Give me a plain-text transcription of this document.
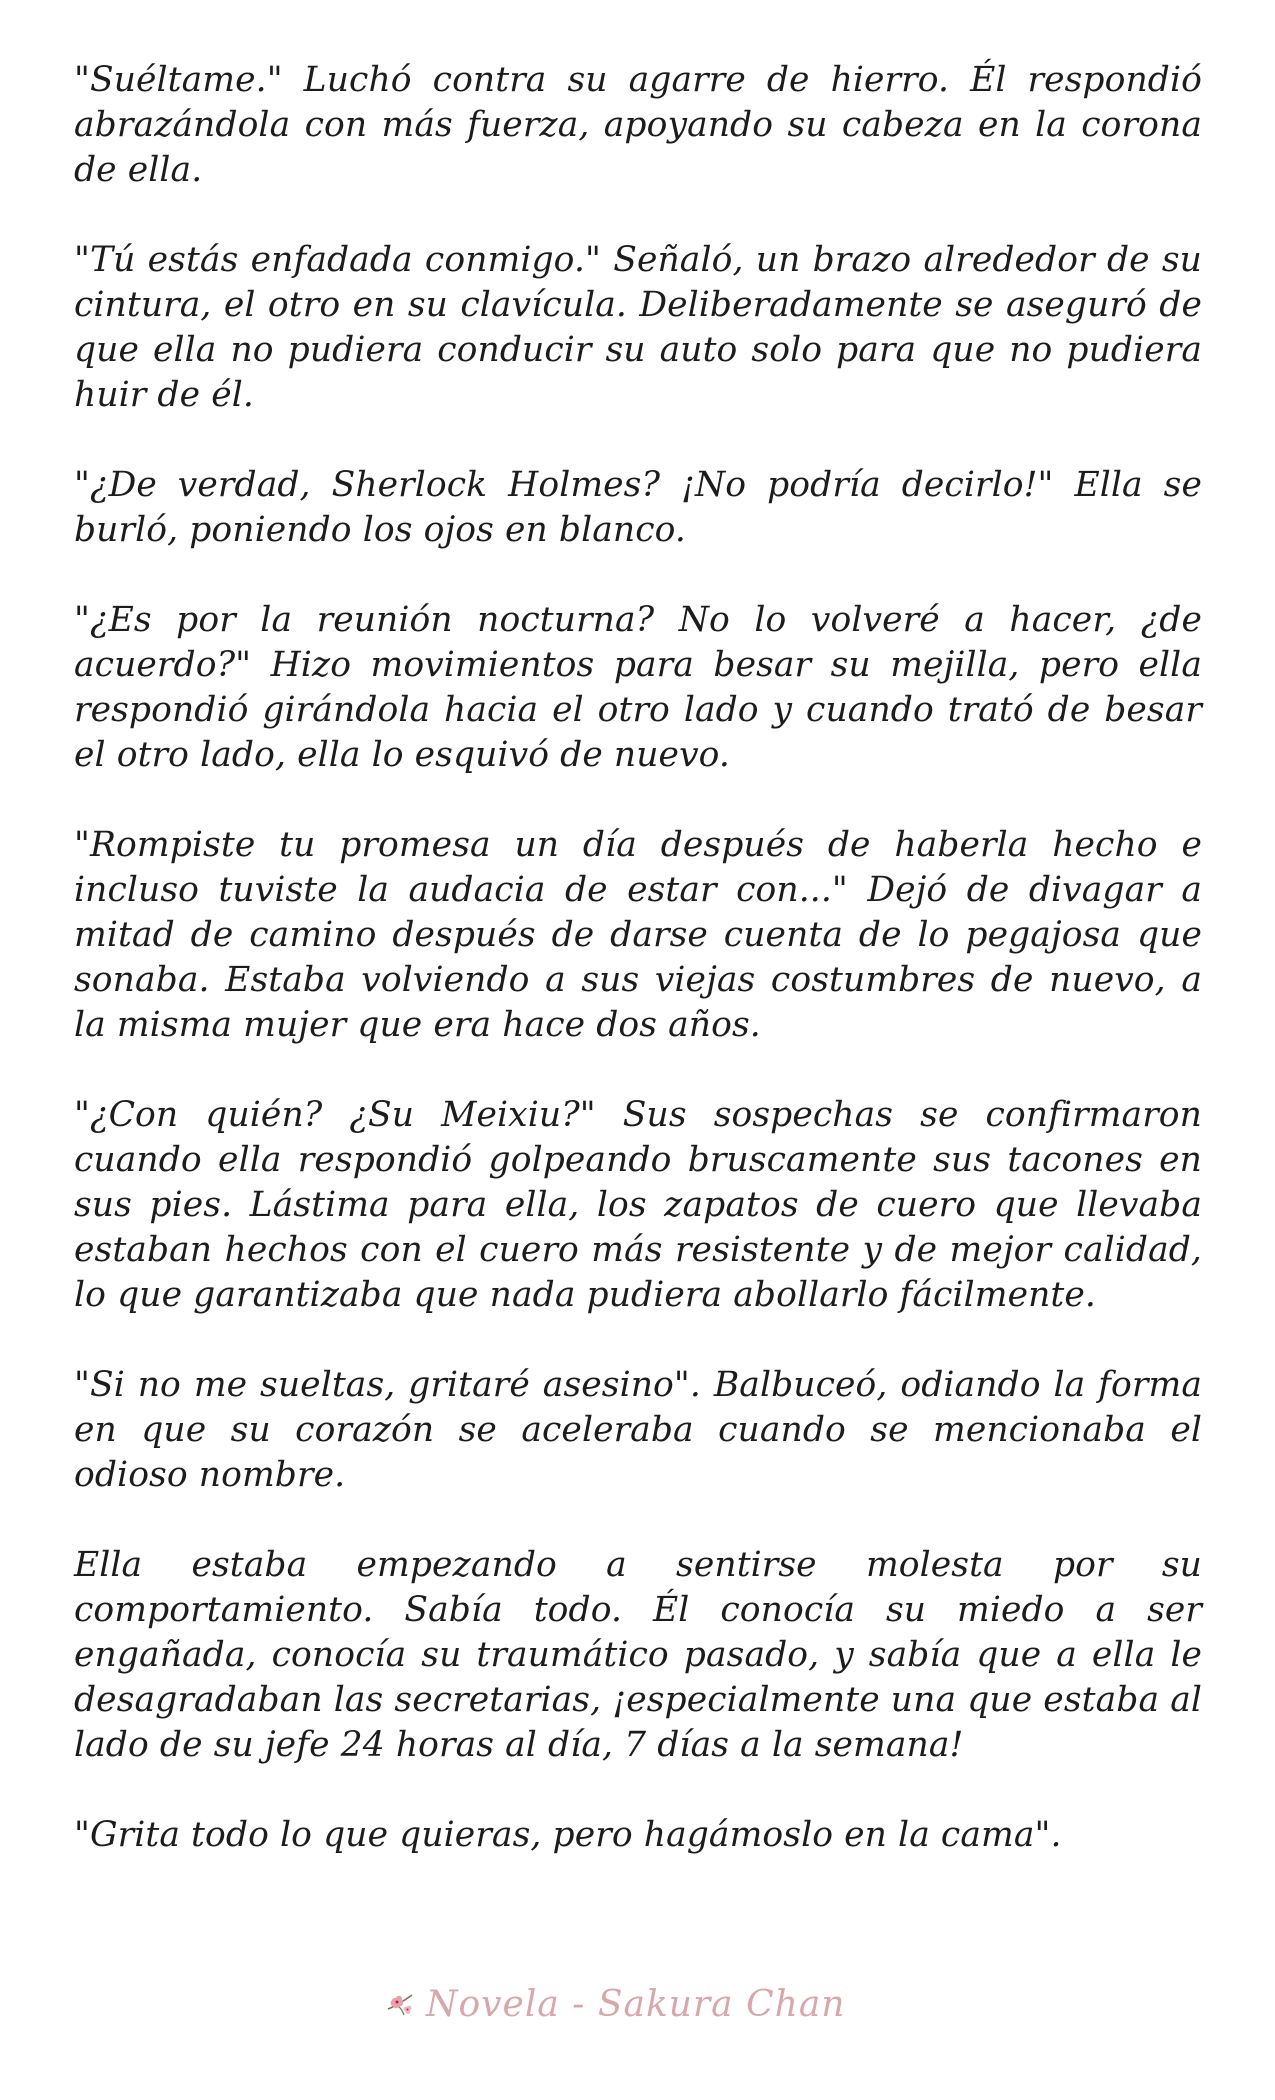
"Suéltame." Luchó contra su agarre de hierro. Él respondió abrazándola con más fuerza, apoyando su cabeza en la corona de ella.

"Tú estás enfadada conmigo." Señaló, un brazo alrededor de su cintura, el otro en su clavícula. Deliberadamente se aseguró de que ella no pudiera conducir su auto solo para que no pudiera huir de él.

"¿De verdad, Sherlock Holmes? ¡No podría decirlo!" Ella se burló, poniendo los ojos en blanco.

"¿Es por la reunión nocturna? No lo volveré a hacer, ¿de acuerdo?" Hizo movimientos para besar su mejilla, pero ella respondió girándola hacia el otro lado y cuando trató de besar el otro lado, ella lo esquivó de nuevo.

"Rompiste tu promesa un día después de haberla hecho e incluso tuviste la audacia de estar con..." Dejó de divagar a mitad de camino después de darse cuenta de lo pegajosa que sonaba. Estaba volviendo a sus viejas costumbres de nuevo, a la misma mujer que era hace dos años.

"¿Con quién? ¿Su Meixiu?" Sus sospechas se confirmaron cuando ella respondió golpeando bruscamente sus tacones en sus pies. Lástima para ella, los zapatos de cuero que llevaba estaban hechos con el cuero más resistente y de mejor calidad, lo que garantizaba que nada pudiera abollarlo fácilmente.

"Si no me sueltas, gritaré asesino". Balbuceó, odiando la forma en que su corazón se aceleraba cuando se mencionaba el odioso nombre.

Ella estaba empezando a sentirse molesta por su comportamiento. Sabía todo. Él conocía su miedo a ser engañada, conocía su traumático pasado, y sabía que a ella le desagradaban las secretarias, ¡especialmente una que estaba al lado de su jefe 24 horas al día, 7 días a la semana!

"Grita todo lo que quieras, pero hagámoslo en la cama".

Novela - Sakura Chan
